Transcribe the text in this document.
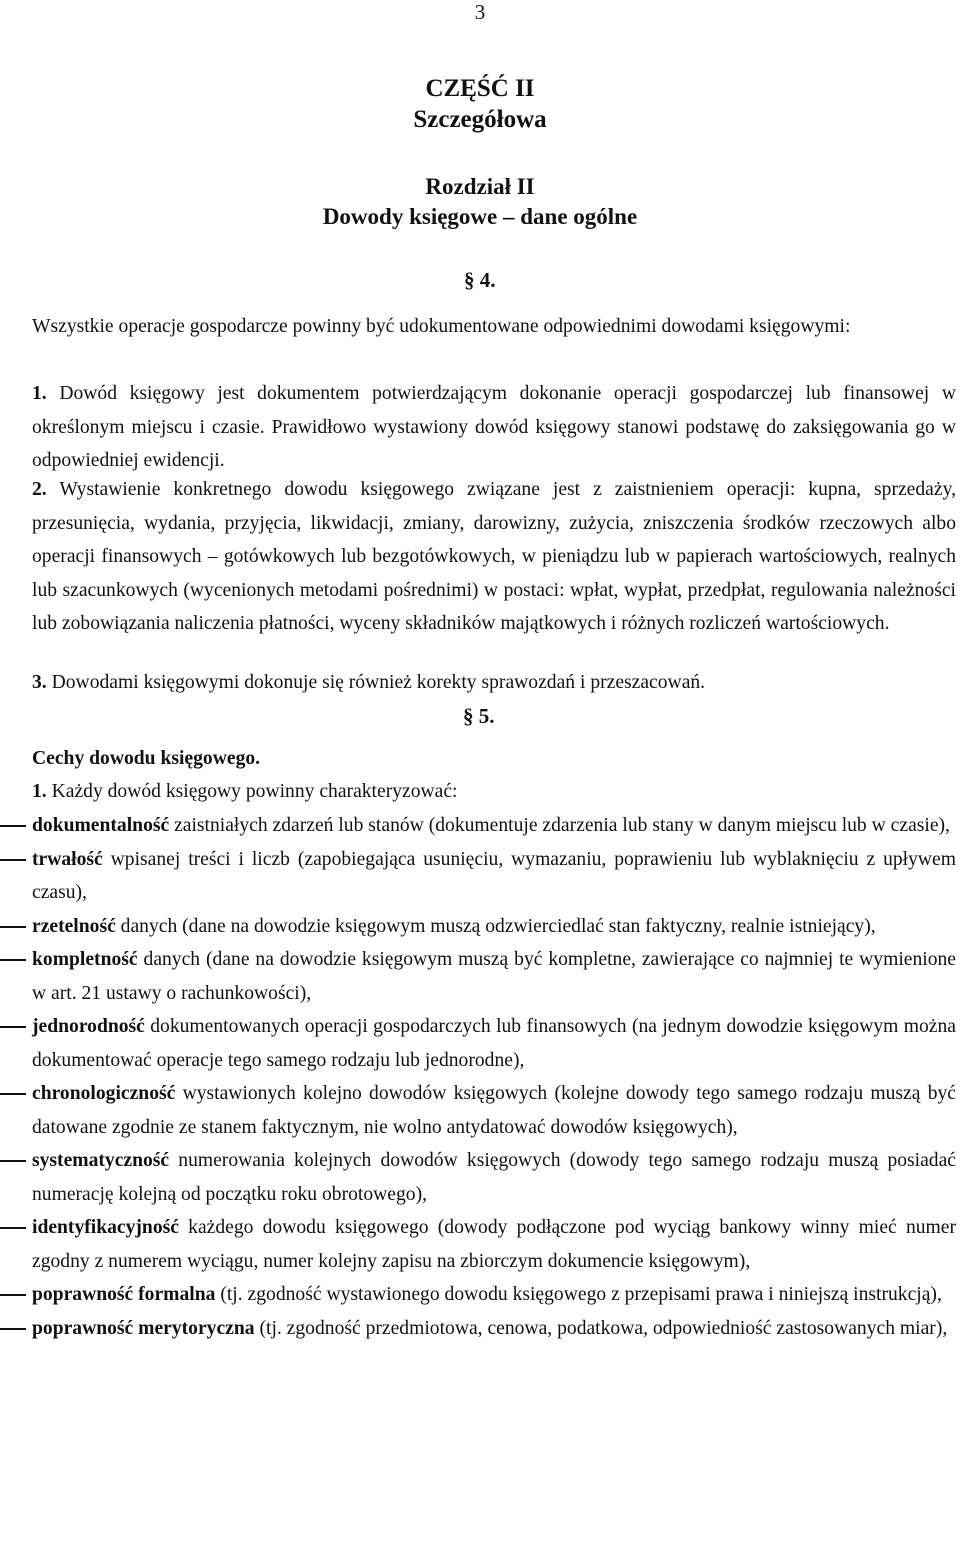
3
CZĘŚĆ II
Szczegółowa
Rozdział II
Dowody księgowe – dane ogólne
§ 4.
Wszystkie operacje gospodarcze powinny być udokumentowane odpowiednimi dowodami księgowymi:
1. Dowód księgowy jest dokumentem potwierdzającym dokonanie operacji gospodarczej lub finansowej w określonym miejscu i czasie. Prawidłowo wystawiony dowód księgowy stanowi podstawę do zaksięgowania go w odpowiedniej ewidencji.
2. Wystawienie konkretnego dowodu księgowego związane jest z zaistnieniem operacji: kupna, sprzedaży, przesunięcia, wydania, przyjęcia, likwidacji, zmiany, darowizny, zużycia, zniszczenia środków rzeczowych albo operacji finansowych – gotówkowych lub bezgotówkowych, w pieniądzu lub w papierach wartościowych, realnych lub szacunkowych (wycenionych metodami pośrednimi) w postaci: wpłat, wypłat, przedpłat, regulowania należności lub zobowiązania naliczenia płatności, wyceny składników majątkowych i różnych rozliczeń wartościowych.
3. Dowodami księgowymi dokonuje się również korekty sprawozdań i przeszacowań.
§ 5.
Cechy dowodu księgowego.
1. Każdy dowód księgowy powinny charakteryzować:
dokumentalność zaistniałych zdarzeń lub stanów (dokumentuje zdarzenia lub stany w danym miejscu lub w czasie),
trwałość wpisanej treści i liczb (zapobiegająca usunięciu, wymazaniu, poprawieniu lub wyblaknięciu z upływem czasu),
rzetelność danych (dane na dowodzie księgowym muszą odzwierciedlać stan faktyczny, realnie istniejący),
kompletność danych (dane na dowodzie księgowym muszą być kompletne, zawierające co najmniej te wymienione w art. 21 ustawy o rachunkowości),
jednorodność dokumentowanych operacji gospodarczych lub finansowych (na jednym dowodzie księgowym można dokumentować operacje tego samego rodzaju lub jednorodne),
chronologiczność wystawionych kolejno dowodów księgowych (kolejne dowody tego samego rodzaju muszą być datowane zgodnie ze stanem faktycznym, nie wolno antydatować dowodów księgowych),
systematyczność numerowania kolejnych dowodów księgowych (dowody tego samego rodzaju muszą posiadać numerację kolejną od początku roku obrotowego),
identyfikacyjność każdego dowodu księgowego (dowody podłączone pod wyciąg bankowy winny mieć numer zgodny z numerem wyciągu, numer kolejny zapisu na zbiorczym dokumencie księgowym),
poprawność formalna (tj. zgodność wystawionego dowodu księgowego z przepisami prawa i niniejszą instrukcją),
poprawność merytoryczna (tj. zgodność przedmiotowa, cenowa, podatkowa, odpowiedniość zastosowanych miar),
